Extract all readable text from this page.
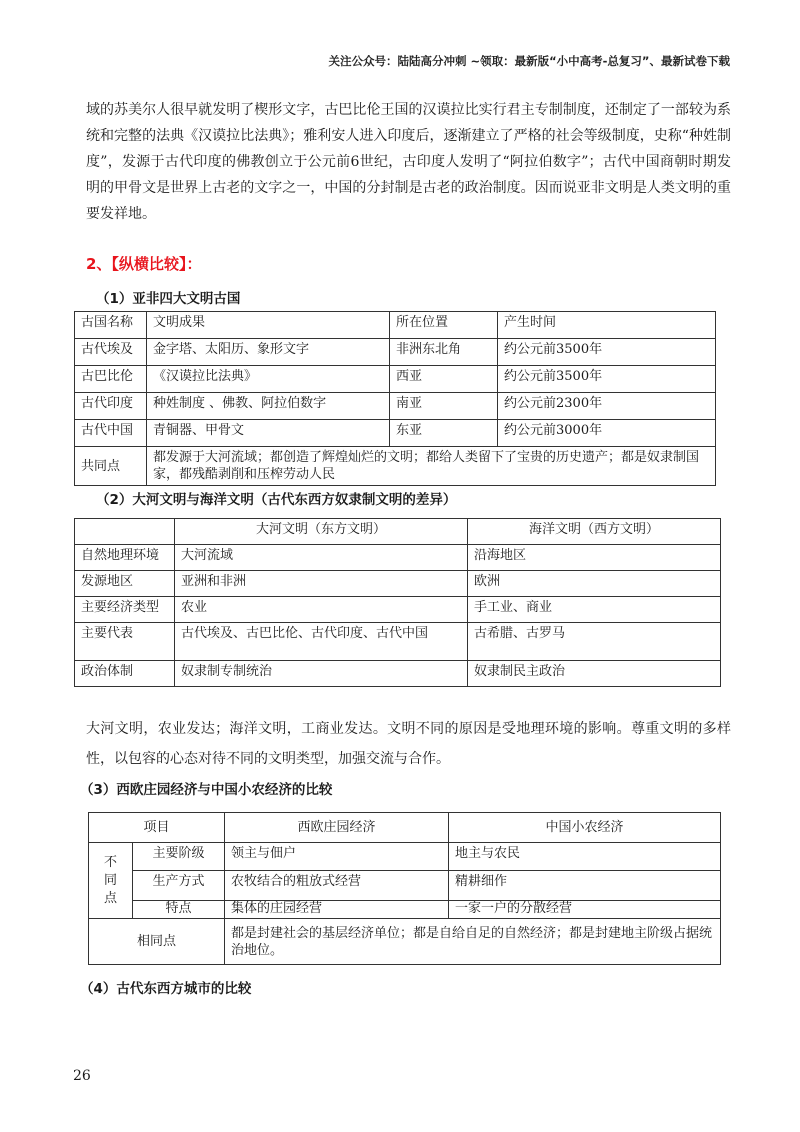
关注公众号：陆陆高分冲刺 ~领取：最新版“小中高考-总复习”、最新试卷下载

域的苏美尔人很早就发明了楔形文字，古巴比伦王国的汉谟拉比实行君主专制制度，还制定了一部较为系统和完整的法典《汉谟拉比法典》；雅利安人进入印度后，逐渐建立了严格的社会等级制度，史称“种姓制度”，发源于古代印度的佛教创立于公元前6世纪，古印度人发明了“阿拉伯数字”；古代中国商朝时期发明的甲骨文是世界上古老的文字之一，中国的分封制是古老的政治制度。因而说亚非文明是人类文明的重要发祥地。

2、【纵横比较】：
（1）亚非四大文明古国
古国名称	文明成果	所在位置	产生时间
古代埃及	金字塔、太阳历、象形文字	非洲东北角	约公元前3500年
古巴比伦	《汉谟拉比法典》	西亚	约公元前3500年
古代印度	种姓制度 、佛教、阿拉伯数字	南亚	约公元前2300年
古代中国	青铜器、甲骨文	东亚	约公元前3000年
共同点	都发源于大河流域；都创造了辉煌灿烂的文明；都给人类留下了宝贵的历史遗产；都是奴隶制国家，都残酷剥削和压榨劳动人民		
（2）大河文明与海洋文明（古代东西方奴隶制文明的差异）
	大河文明（东方文明）	海洋文明（西方文明）
自然地理环境	大河流域	沿海地区
发源地区	亚洲和非洲	欧洲
主要经济类型	农业	手工业、商业
主要代表	古代埃及、古巴比伦、古代印度、古代中国	古希腊、古罗马
政治体制	奴隶制专制统治	奴隶制民主政治

大河文明，农业发达；海洋文明，工商业发达。文明不同的原因是受地理环境的影响。尊重文明的多样性，以包容的心态对待不同的文明类型，加强交流与合作。

（3）西欧庄园经济与中国小农经济的比较
项目		西欧庄园经济	中国小农经济
不同点	主要阶级	领主与佃户	地主与农民
	生产方式	农牧结合的粗放式经营	精耕细作
	特点	集体的庄园经营	一家一户的分散经营
相同点		都是封建社会的基层经济单位；都是自给自足的自然经济；都是封建地主阶级占据统治地位。	
（4）古代东西方城市的比较
26
